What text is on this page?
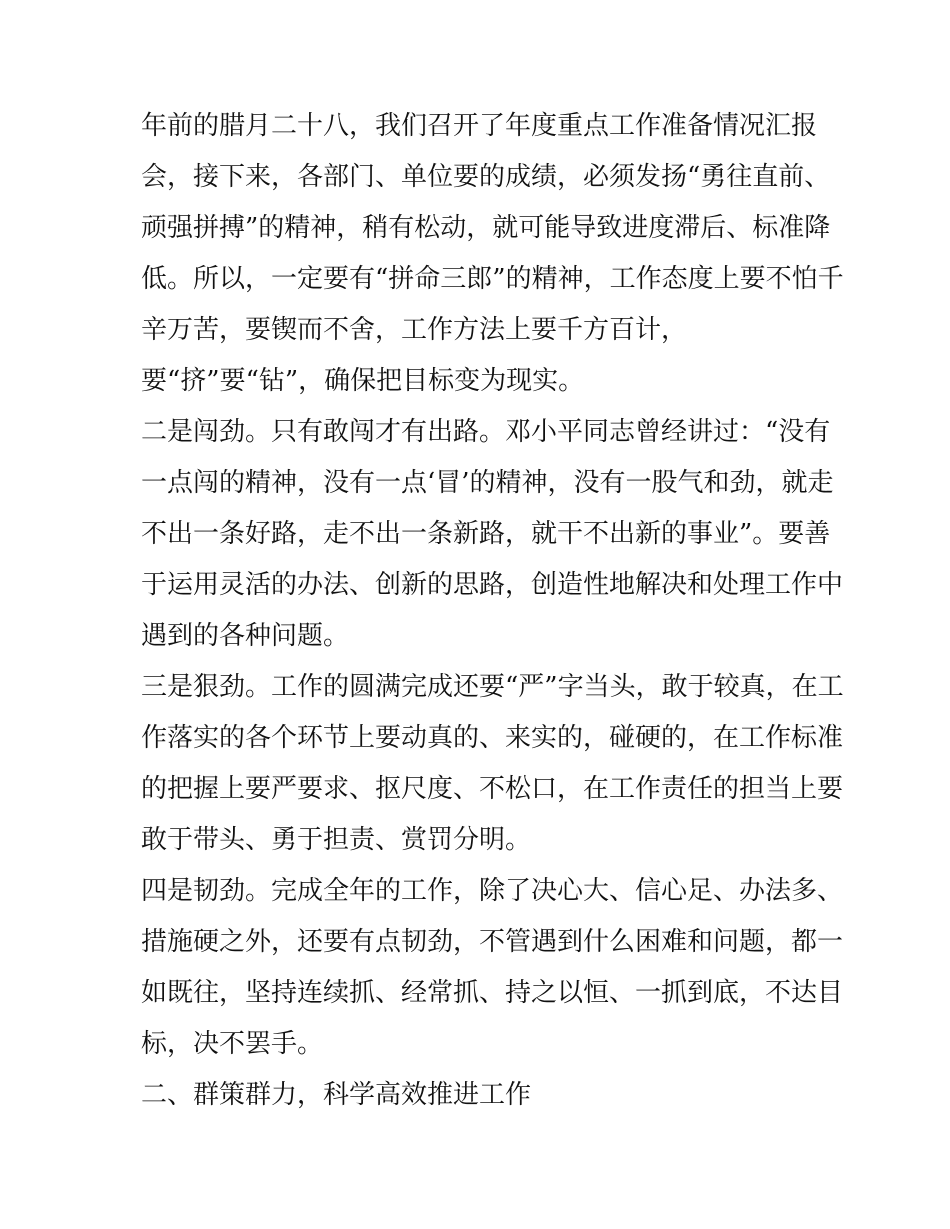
年前的腊月二十八，我们召开了年度重点工作准备情况汇报
会，接下来，各部门、单位要的成绩，必须发扬“勇往直前、
顽强拼搏”的精神，稍有松动，就可能导致进度滞后、标准降
低。所以，一定要有“拼命三郎”的精神，工作态度上要不怕千
辛万苦，要锲而不舍，工作方法上要千方百计，
要“挤”要“钻”，确保把目标变为现实。
二是闯劲。只有敢闯才有出路。邓小平同志曾经讲过：“没有
一点闯的精神，没有一点‘冒’的精神，没有一股气和劲，就走
不出一条好路，走不出一条新路，就干不出新的事业”。要善
于运用灵活的办法、创新的思路，创造性地解决和处理工作中
遇到的各种问题。
三是狠劲。工作的圆满完成还要“严”字当头，敢于较真，在工
作落实的各个环节上要动真的、来实的，碰硬的，在工作标准
的把握上要严要求、抠尺度、不松口，在工作责任的担当上要
敢于带头、勇于担责、赏罚分明。
四是韧劲。完成全年的工作，除了决心大、信心足、办法多、
措施硬之外，还要有点韧劲，不管遇到什么困难和问题，都一
如既往，坚持连续抓、经常抓、持之以恒、一抓到底，不达目
标，决不罢手。
二、群策群力，科学高效推进工作
